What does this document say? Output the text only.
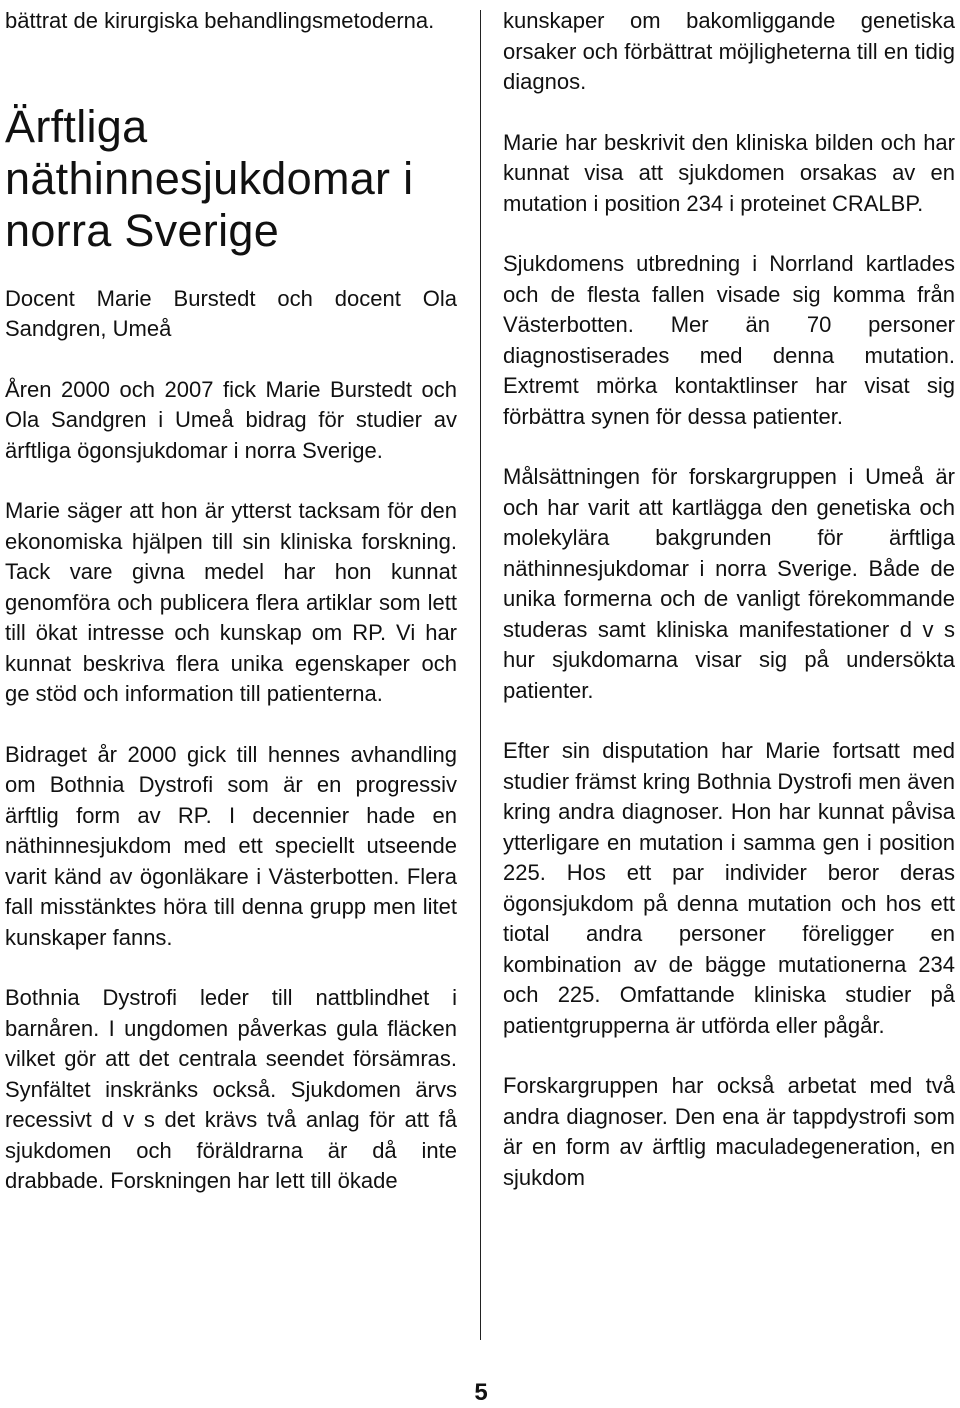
bättrat de kirurgiska behandlingsmetoderna.

Ärftliga näthinnesjukdomar i norra Sverige

Docent Marie Burstedt och docent Ola Sandgren, Umeå

Åren 2000 och 2007 fick Marie Burstedt och Ola Sandgren i Umeå bidrag för studier av ärftliga ögonsjukdomar i norra Sverige.

Marie säger att hon är ytterst tacksam för den ekonomiska hjälpen till sin kliniska forskning. Tack vare givna medel har hon kunnat genomföra och publicera flera artiklar som lett till ökat intresse och kunskap om RP. Vi har kunnat beskriva flera unika egenskaper och ge stöd och information till patienterna.

Bidraget år 2000 gick till hennes avhandling om Bothnia Dystrofi som är en progressiv ärftlig form av RP. I decennier hade en näthinnesjukdom med ett speciellt utseende varit känd av ögonläkare i Västerbotten. Flera fall misstänktes höra till denna grupp men litet kunskaper fanns.

Bothnia Dystrofi leder till nattblindhet i barnåren. I ungdomen påverkas gula fläcken vilket gör att det centrala seendet försämras. Synfältet inskränks också. Sjukdomen ärvs recessivt d v s det krävs två anlag för att få sjukdomen och föräldrarna är då inte drabbade. Forskningen har lett till ökade

kunskaper om bakomliggande genetiska orsaker och förbättrat möjligheterna till en tidig diagnos.

Marie har beskrivit den kliniska bilden och har kunnat visa att sjukdomen orsakas av en mutation i position 234 i proteinet CRALBP.

Sjukdomens utbredning i Norrland kartlades och de flesta fallen visade sig komma från Västerbotten. Mer än 70 personer diagnostiserades med denna mutation. Extremt mörka kontaktlinser har visat sig förbättra synen för dessa patienter.

Målsättningen för forskargruppen i Umeå är och har varit att kartlägga den genetiska och molekylära bakgrunden för ärftliga näthinnesjukdomar i norra Sverige. Både de unika formerna och de vanligt förekommande studeras samt kliniska manifestationer d v s hur sjukdomarna visar sig på undersökta patienter.

Efter sin disputation har Marie fortsatt med studier främst kring Bothnia Dystrofi men även kring andra diagnoser. Hon har kunnat påvisa ytterligare en mutation i samma gen i position 225. Hos ett par individer beror deras ögonsjukdom på denna mutation och hos ett tiotal andra personer föreligger en kombination av de bägge mutationerna 234 och 225. Omfattande kliniska studier på patientgrupperna är utförda eller pågår.

Forskargruppen har också arbetat med två andra diagnoser. Den ena är tappdystrofi som är en form av ärftlig maculadegeneration, en sjukdom

5
